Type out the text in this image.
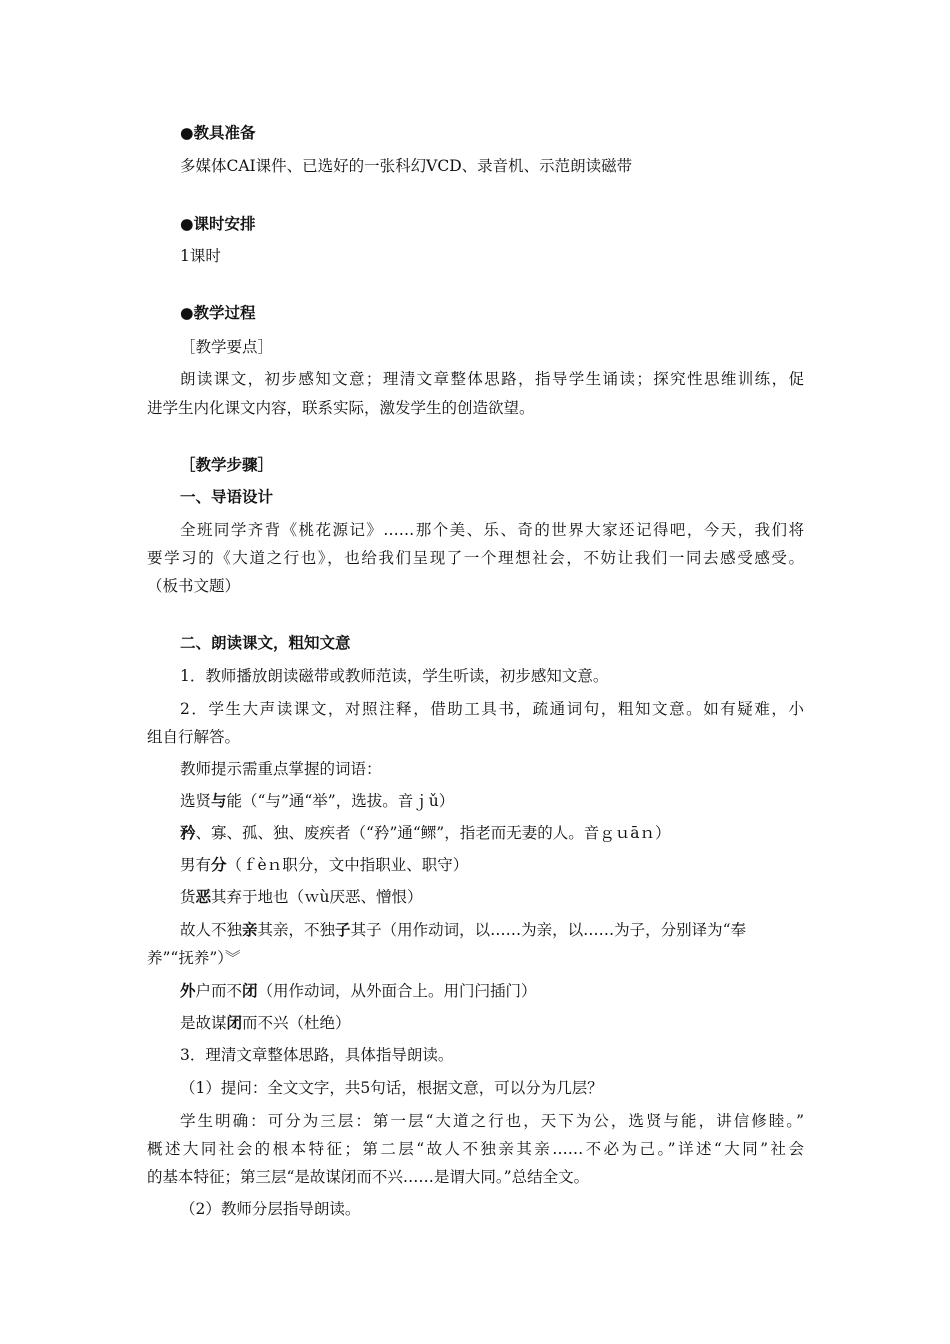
●教具准备
多媒体CAI课件、已选好的一张科幻VCD、录音机、示范朗读磁带
●课时安排
1课时
●教学过程
［教学要点］
朗读课文，初步感知文意；理清文章整体思路，指导学生诵读；探究性思维训练，促
进学生内化课文内容，联系实际，激发学生的创造欲望。
［教学步骤］
一、导语设计
全班同学齐背《桃花源记》……那个美、乐、奇的世界大家还记得吧，今天，我们将
要学习的《大道之行也》，也给我们呈现了一个理想社会，不妨让我们一同去感受感受。
（板书文题）
二、朗读课文，粗知文意
1．教师播放朗读磁带或教师范读，学生听读，初步感知文意。
2．学生大声读课文，对照注释，借助工具书，疏通词句，粗知文意。如有疑难，小
组自行解答。
教师提示需重点掌握的词语：
选贤与能（“与”通“举”，选拔。音ｊǔ）
矜、寡、孤、独、废疾者（“矜”通“鳏”，指老而无妻的人。音ｇｕāｎ）
男有分（ｆèｎ职分，文中指职业、职守）
货恶其弃于地也（ｗù厌恶、憎恨）
故人不独亲其亲，不独子其子（用作动词，以……为亲，以……为子，分别译为“奉
养”“抚养”）︾
外户而不闭（用作动词，从外面合上。用门闩插门）
是故谋闭而不兴（杜绝）
3．理清文章整体思路，具体指导朗读。
（1）提问：全文文字，共5句话，根据文意，可以分为几层？
学生明确：可分为三层：第一层“大道之行也，天下为公，选贤与能，讲信修睦。”
概述大同社会的根本特征；第二层“故人不独亲其亲……不必为己。”详述“大同”社会
的基本特征；第三层“是故谋闭而不兴……是谓大同。”总结全文。
（2）教师分层指导朗读。
